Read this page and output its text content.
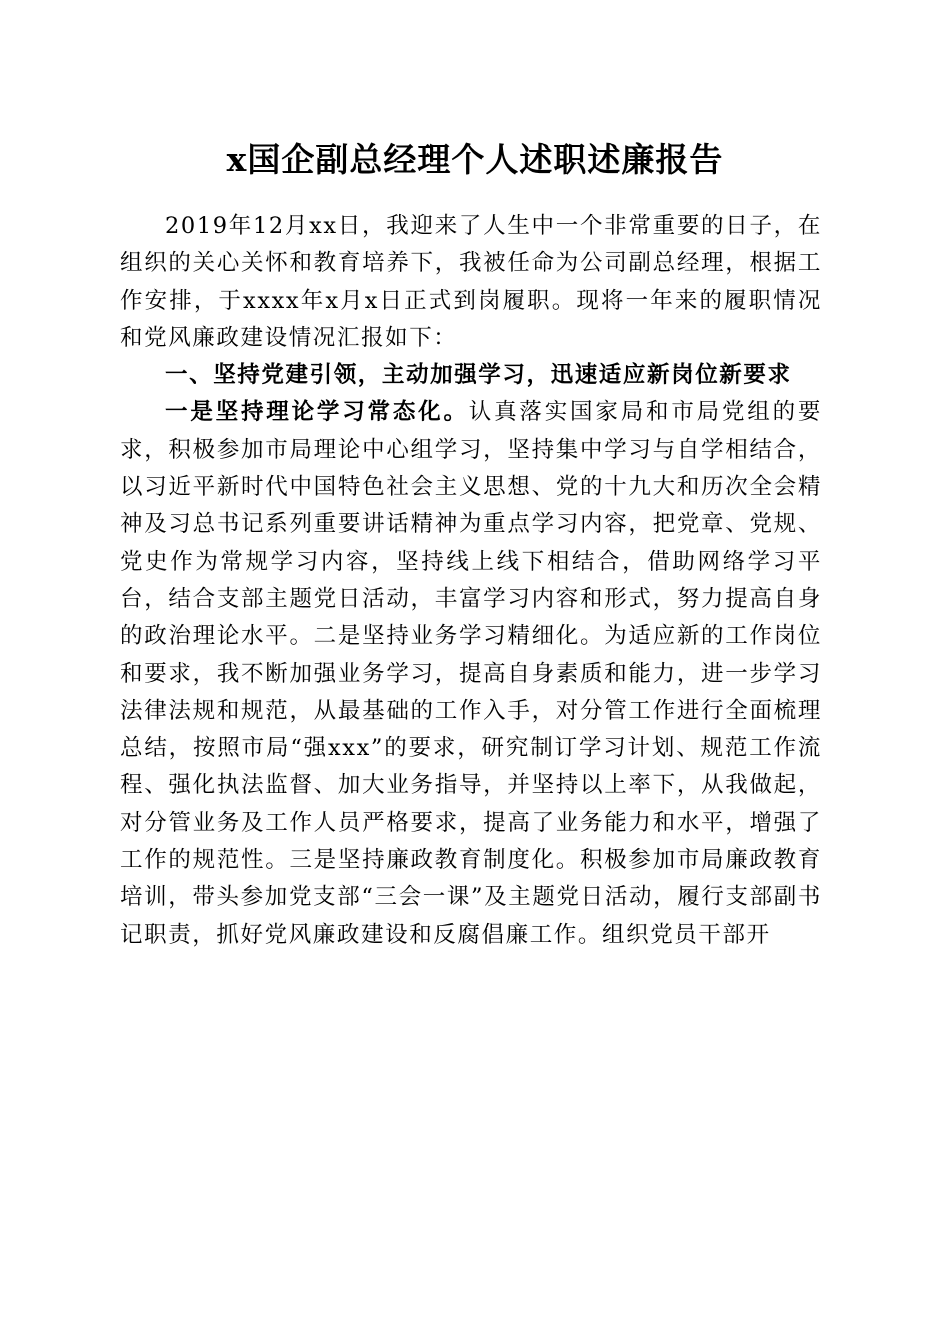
x国企副总经理个人述职述廉报告

2019年12月xx日，我迎来了人生中一个非常重要的日子，在组织的关心关怀和教育培养下，我被任命为公司副总经理，根据工作安排，于xxxx年x月x日正式到岗履职。现将一年来的履职情况和党风廉政建设情况汇报如下：

一、坚持党建引领，主动加强学习，迅速适应新岗位新要求

一是坚持理论学习常态化。认真落实国家局和市局党组的要求，积极参加市局理论中心组学习，坚持集中学习与自学相结合，以习近平新时代中国特色社会主义思想、党的十九大和历次全会精神及习总书记系列重要讲话精神为重点学习内容，把党章、党规、党史作为常规学习内容，坚持线上线下相结合，借助网络学习平台，结合支部主题党日活动，丰富学习内容和形式，努力提高自身的政治理论水平。二是坚持业务学习精细化。为适应新的工作岗位和要求，我不断加强业务学习，提高自身素质和能力，进一步学习法律法规和规范，从最基础的工作入手，对分管工作进行全面梳理总结，按照市局“强xxx”的要求，研究制订学习计划、规范工作流程、强化执法监督、加大业务指导，并坚持以上率下，从我做起，对分管业务及工作人员严格要求，提高了业务能力和水平，增强了工作的规范性。三是坚持廉政教育制度化。积极参加市局廉政教育培训，带头参加党支部“三会一课”及主题党日活动，履行支部副书记职责，抓好党风廉政建设和反腐倡廉工作。组织党员干部开
